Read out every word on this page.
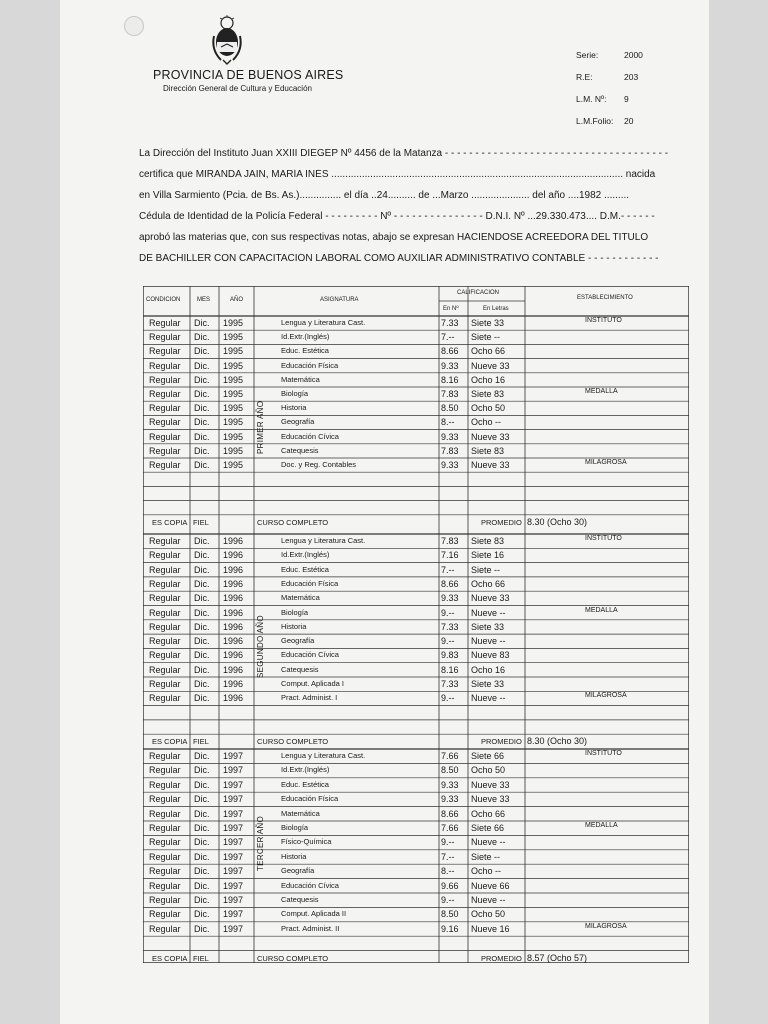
PROVINCIA DE BUENOS AIRES
Dirección General de Cultura y Educación
Serie:	2000
R.E:	203
L.M. Nº: 9
L.M.Folio: 20
La Dirección del Instituto Juan XXIII DIEGEP Nº 4456 de la Matanza - - - - - - - - - - - - - - - - - - - - - - - - - - - - - - - - - - - - -
certifica que MIRANDA JAIN, MARÍA INÉS ......................................................................................................... nacida
en Villa Sarmiento (Pcia. de Bs. As.)............... el día ..24.......... de ...Marzo ..................... del año ....1982 .........
Cédula de Identidad de la Policía Federal - - - - - - - - - Nº - - - - - - - - - - - - - - - D.N.I. Nº ...29.330.473.... D.M.- - - - - -
aprobó las materias que, con sus respectivas notas, abajo se expresan HACIENDOSE ACREEDORA DEL TITULO
DE BACHILLER CON CAPACITACIÓN LABORAL COMO AUXILIAR ADMINISTRATIVO CONTABLE - - - - - - - - - - - -
CONDICION	MES	AÑO	ASIGNATURA
CALIFICACION
En Nº	En Letras
ESTABLECIMIENTO
Regular Dic. 1995	Lengua y Literatura Cast.	7.33 Siete 33	INSTITUTO
Regular Dic. 1995	Id.Extr.(Inglés)	7.-- Siete --
Regular Dic. 1995	Educ. Estética	8.66 Ocho 66
Regular Dic. 1995	Educación Física	9.33 Nueve 33
Regular Dic. 1995	Matemática	8.16 Ocho 16
Regular Dic. 1995	Biología	7.83 Siete 83	MEDALLA
Regular Dic. 1995	Historia	8.50 Ocho 50
Regular Dic. 1995	Geografía	8.-- Ocho --
Regular Dic. 1995	Educación Cívica	9.33 Nueve 33
Regular Dic. 1995	Catequesis	7.83 Siete 83
Regular Dic. 1995	Doc. y Reg. Contables	9.33 Nueve 33	MILAGROSA
ES COPIA FIEL	CURSO COMPLETO	PROMEDIO 8.30 (Ocho 30)
PRIMER AÑO
Regular Dic. 1996	Lengua y Literatura Cast.	7.83 Siete 83	INSTITUTO
Regular Dic. 1996	Id.Extr.(Inglés)	7.16 Siete 16
Regular Dic. 1996	Educ. Estética	7.-- Siete --
Regular Dic. 1996	Educación Física	8.66 Ocho 66
Regular Dic. 1996	Matemática	9.33 Nueve 33
Regular Dic. 1996	Biología	9.-- Nueve --	MEDALLA
Regular Dic. 1996	Historia	7.33 Siete 33
Regular Dic. 1996	Geografía	9.-- Nueve --
Regular Dic. 1996	Educación Cívica	9.83 Nueve 83
Regular Dic. 1996	Catequesis	8.16 Ocho 16
Regular Dic. 1996	Comput. Aplicada I	7.33 Siete 33
Regular Dic. 1996	Pract. Administ. I	9.-- Nueve --	MILAGROSA
ES COPIA FIEL	CURSO COMPLETO	PROMEDIO 8.30 (Ocho 30)
SEGUNDO AÑO
Regular Dic. 1997	Lengua y Literatura Cast.	7.66 Siete 66	INSTITUTO
Regular Dic. 1997	Id.Extr.(Inglés)	8.50 Ocho 50
Regular Dic. 1997	Educ. Estética	9.33 Nueve 33
Regular Dic. 1997	Educación Física	9.33 Nueve 33
Regular Dic. 1997	Matemática	8.66 Ocho 66
Regular Dic. 1997	Biología	7.66 Siete 66	MEDALLA
Regular Dic. 1997	Físico-Química	9.-- Nueve --
Regular Dic. 1997	Historia	7.-- Siete --
Regular Dic. 1997	Geografía	8.-- Ocho --
Regular Dic. 1997	Educación Cívica	9.66 Nueve 66
Regular Dic. 1997	Catequesis	9.-- Nueve --
Regular Dic. 1997	Comput. Aplicada II	8.50 Ocho 50
Regular Dic. 1997	Pract. Administ. II	9.16 Nueve 16	MILAGROSA
ES COPIA FIEL	CURSO COMPLETO	PROMEDIO 8.57 (Ocho 57)
TERCER AÑO
